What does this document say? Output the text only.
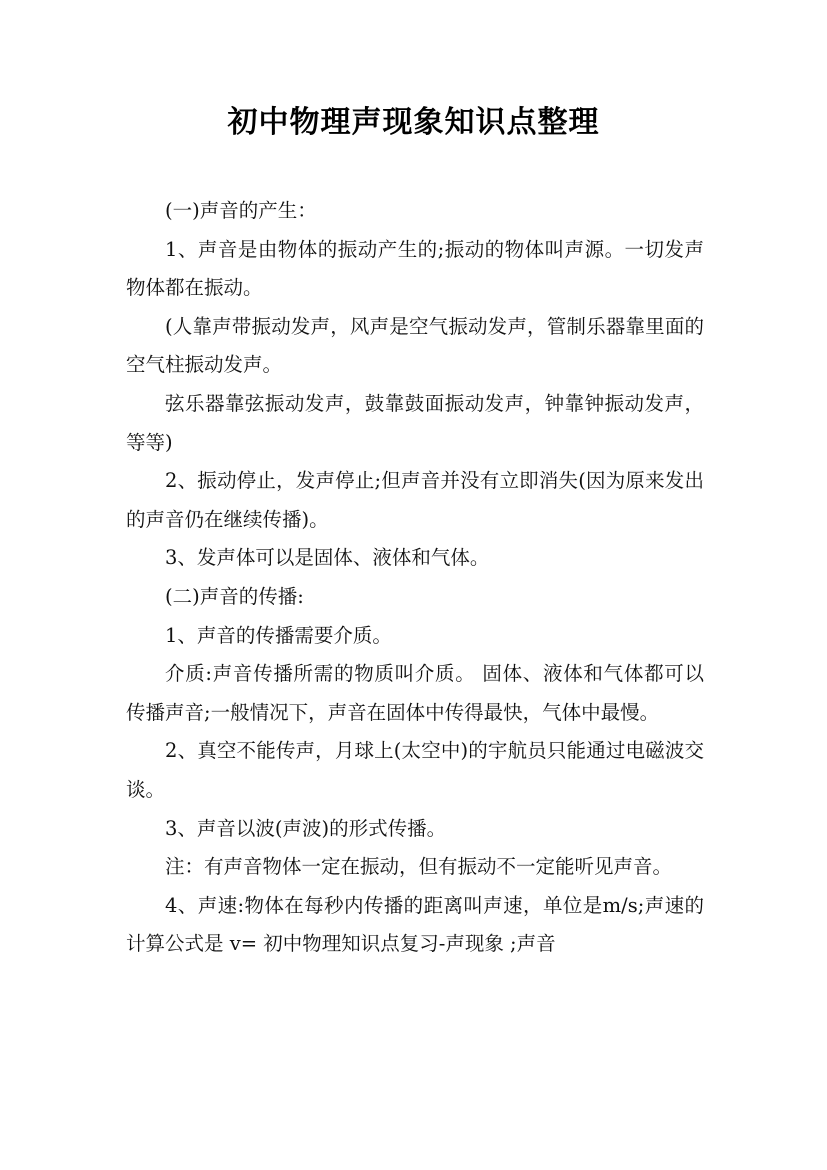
初中物理声现象知识点整理

(一)声音的产生：

1、声音是由物体的振动产生的;振动的物体叫声源。一切发声物体都在振动。

(人靠声带振动发声，风声是空气振动发声，管制乐器靠里面的空气柱振动发声。

弦乐器靠弦振动发声，鼓靠鼓面振动发声，钟靠钟振动发声，等等)

2、振动停止，发声停止;但声音并没有立即消失(因为原来发出的声音仍在继续传播)。

3、发声体可以是固体、液体和气体。

(二)声音的传播:

1、声音的传播需要介质。

介质:声音传播所需的物质叫介质。 固体、液体和气体都可以传播声音;一般情况下，声音在固体中传得最快，气体中最慢。

2、真空不能传声，月球上(太空中)的宇航员只能通过电磁波交谈。

3、声音以波(声波)的形式传播。

注：有声音物体一定在振动，但有振动不一定能听见声音。

4、声速:物体在每秒内传播的距离叫声速，单位是m/s;声速的计算公式是 v= 初中物理知识点复习-声现象 ;声音
